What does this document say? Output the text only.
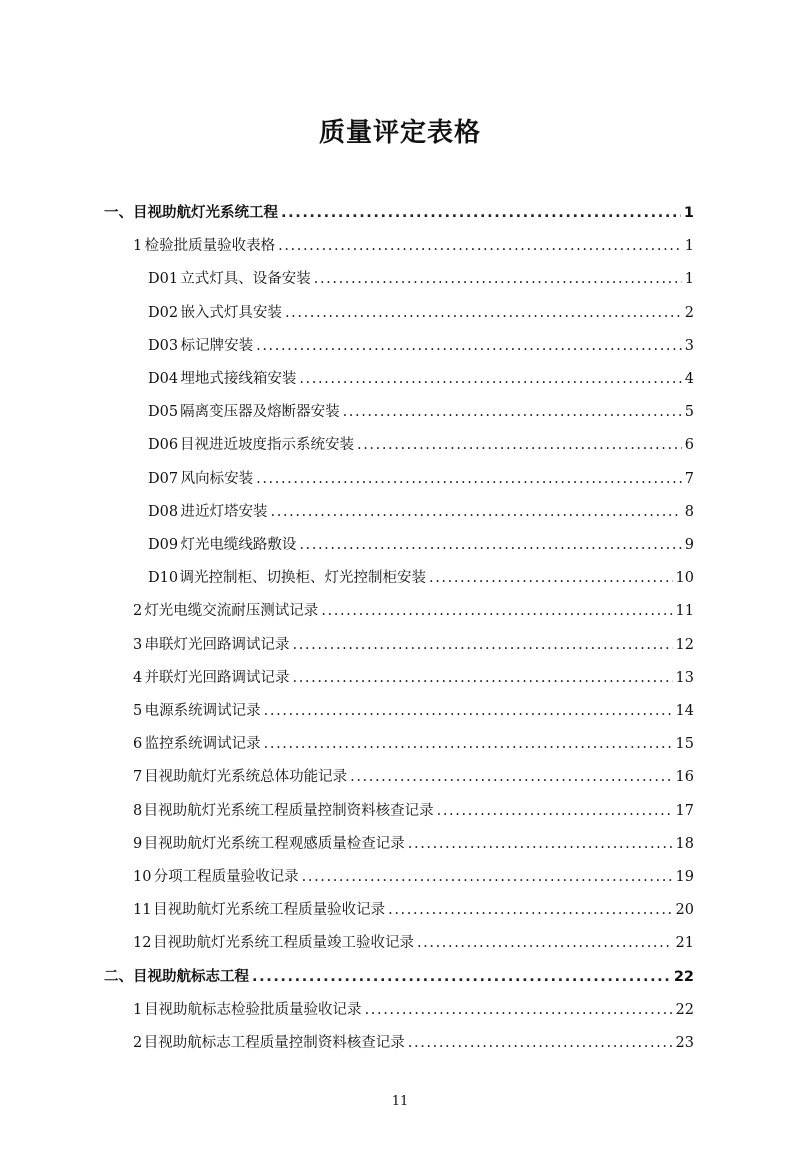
质量评定表格
一、 目视助航灯光系统工程 .....	1
1 检验批质量验收表格 .....	1
D01 立式灯具、设备安装 .....	1
D02 嵌入式灯具安装 .....	2
D03 标记牌安装 .....	3
D04 埋地式接线箱安装 .....	4
D05 隔离变压器及熔断器安装 .....	5
D06 目视进近坡度指示系统安装 .....	6
D07 风向标安装 .....	7
D08 进近灯塔安装 .....	8
D09 灯光电缆线路敷设 .....	9
D10 调光控制柜、切换柜、灯光控制柜安装 .....	10
2 灯光电缆交流耐压测试记录 .....	11
3 串联灯光回路调试记录 .....	12
4 并联灯光回路调试记录 .....	13
5 电源系统调试记录 .....	14
6 监控系统调试记录 .....	15
7 目视助航灯光系统总体功能记录 .....	16
8 目视助航灯光系统工程质量控制资料核查记录 .....	17
9 目视助航灯光系统工程观感质量检查记录 .....	18
10 分项工程质量验收记录 .....	19
11 目视助航灯光系统工程质量验收记录 .....	20
12 目视助航灯光系统工程质量竣工验收记录 .....	21
二、 目视助航标志工程 .....	22
1 目视助航标志检验批质量验收记录 .....	22
2 目视助航标志工程质量控制资料核查记录 .....	23
11
